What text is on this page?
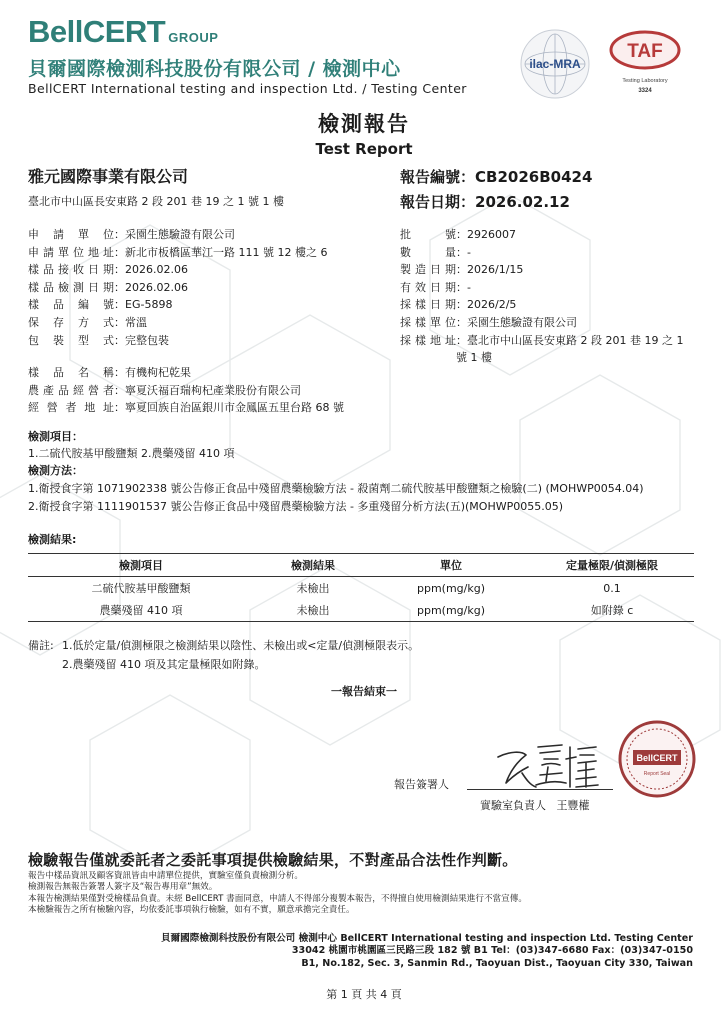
BellCERT GROUP
貝爾國際檢測科技股份有限公司 / 檢測中心
BellCERT International testing and inspection Ltd. / Testing Center
ilac-MRA
TAF
Testing Laboratory
3324
檢測報告
Test Report
雅元國際事業有限公司
臺北市中山區長安東路 2 段 201 巷 19 之 1 號 1 樓
報告編號：CB2026B0424
報告日期：2026.02.12
申請單位 ：采園生態驗證有限公司
申請單位地址 ：新北市板橋區華江一路 111 號 12 樓之 6
樣品接收日期 ：2026.02.06
樣品檢測日期 ：2026.02.06
樣品編號 ：EG-5898
保存方式 ：常溫
包裝型式 ：完整包裝
批號 ：2926007
數量 ：-
製造日期 ：2026/1/15
有效日期 ：-
採樣日期 ：2026/2/5
採樣單位 ：采園生態驗證有限公司
採樣地址 ：臺北市中山區長安東路 2 段 201 巷 19 之 1 號 1 樓
樣品名稱 ：有機枸杞乾果
農產品經營者 ：寧夏沃福百瑞枸杞產業股份有限公司
經營者地址 ：寧夏回族自治區銀川市金鳳區五里台路 68 號
檢測項目：
1.二硫代胺基甲酸鹽類 2.農藥殘留 410 項
檢測方法：
1.衛授食字第 1071902338 號公告修正食品中殘留農藥檢驗方法 - 殺菌劑二硫代胺基甲酸鹽類之檢驗(二) (MOHWP0054.04)
2.衛授食字第 1111901537 號公告修正食品中殘留農藥檢驗方法 - 多重殘留分析方法(五)(MOHWP0055.05)
檢測結果:
檢測項目	檢測結果	單位	定量極限/偵測極限
二硫代胺基甲酸鹽類	未檢出	ppm(mg/kg)	0.1
農藥殘留 410 項	未檢出	ppm(mg/kg)	如附錄 c
備註: 1.低於定量/偵測極限之檢測結果以陰性、未檢出或<定量/偵測極限表示。
2.農藥殘留 410 項及其定量極限如附錄。
一報告結束一
報告簽署人
實驗室負責人 王豐權
BellCERT
Report Seal
檢驗報告僅就委託者之委託事項提供檢驗結果，不對產品合法性作判斷。
報告中樣品資訊及顧客資訊皆由申請單位提供，實驗室僅負責檢測分析。
檢測報告無報告簽署人簽字及“報告專用章”無效。
本報告檢測結果僅對受檢樣品負責。未經 BellCERT 書面同意，申請人不得部分複製本報告，不得擅自使用檢測結果進行不當宣傳。
本檢驗報告之所有檢驗內容，均依委託事項執行檢驗，如有不實，願意承擔完全責任。
貝爾國際檢測科技股份有限公司 檢測中心 BellCERT International testing and inspection Ltd. Testing Center
33042 桃園市桃園區三民路三段 182 號 B1 Tel：(03)347-6680 Fax：(03)347-0150
B1, No.182, Sec. 3, Sanmin Rd., Taoyuan Dist., Taoyuan City 330, Taiwan
第 1 頁 共 4 頁
